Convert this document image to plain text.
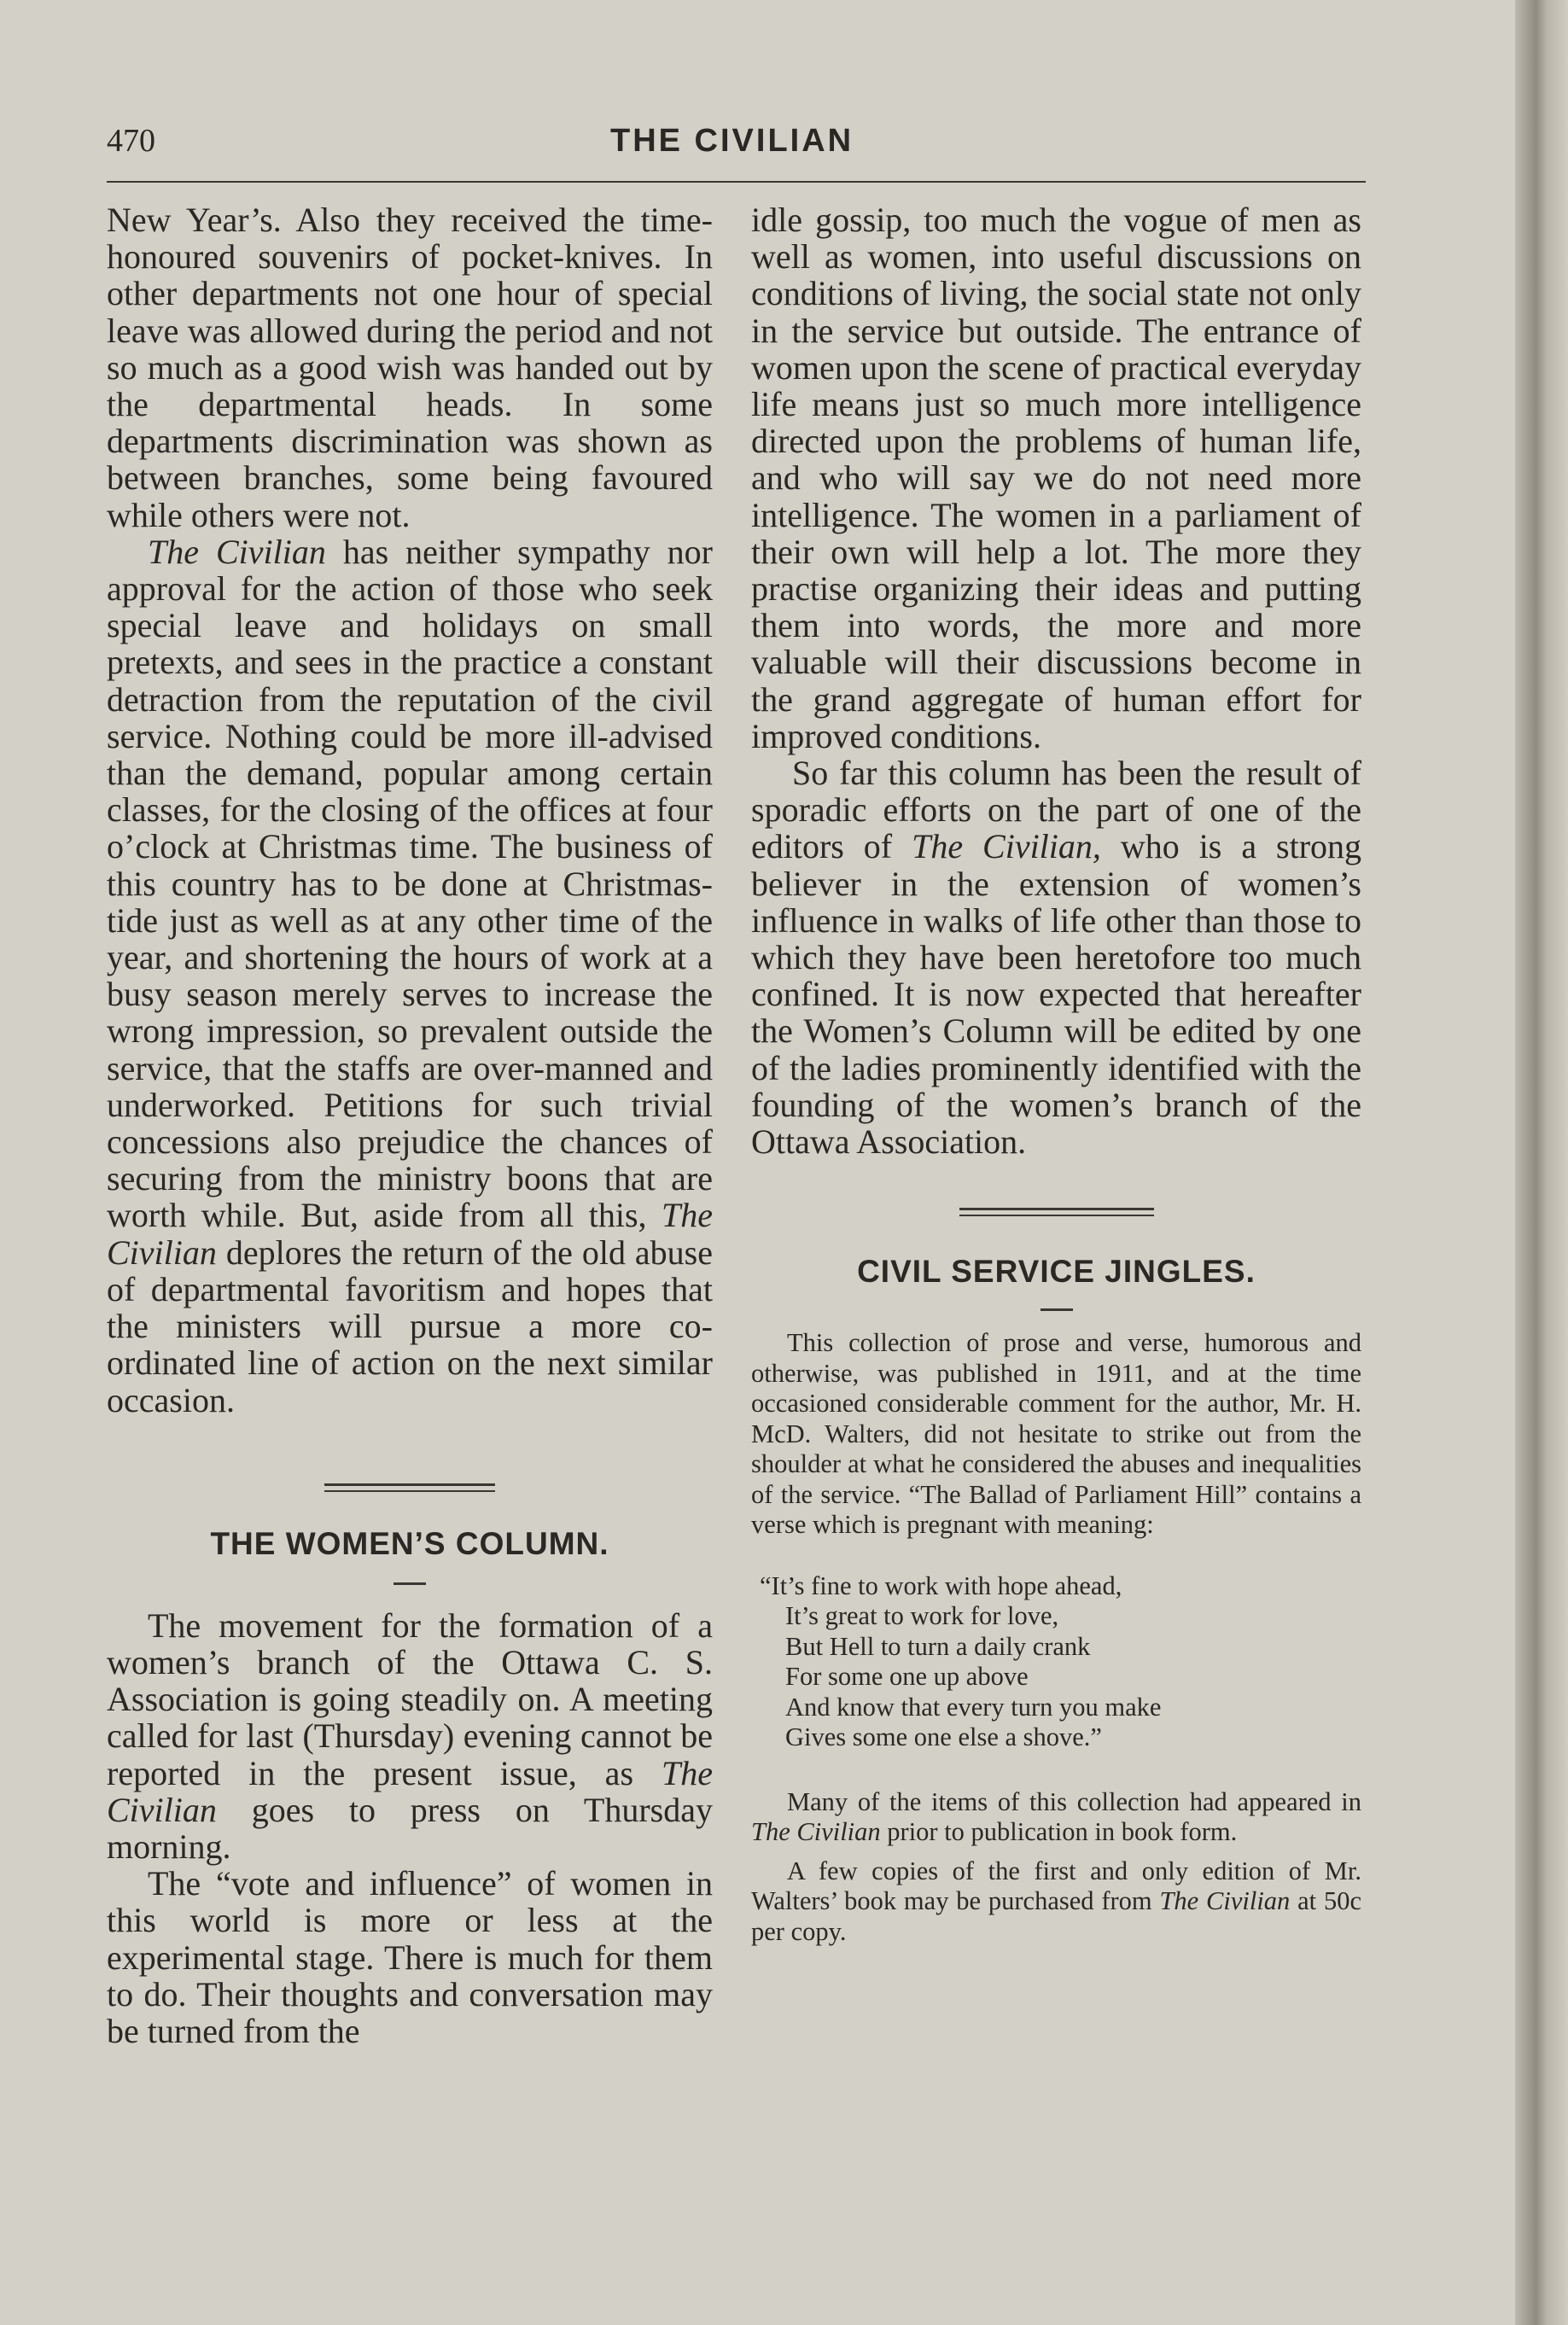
470	THE CIVILIAN

New Year’s. Also they received the time-honoured souvenirs of pocket-knives. In other departments not one hour of special leave was allowed during the period and not so much as a good wish was handed out by the departmental heads. In some departments discrimination was shown as between branches, some being favoured while others were not.

The Civilian has neither sympathy nor approval for the action of those who seek special leave and holidays on small pretexts, and sees in the practice a constant detraction from the reputation of the civil service. Nothing could be more ill-advised than the demand, popular among certain classes, for the closing of the offices at four o’clock at Christmas time. The business of this country has to be done at Christmas-tide just as well as at any other time of the year, and shortening the hours of work at a busy season merely serves to increase the wrong impression, so prevalent outside the service, that the staffs are over-manned and underworked. Petitions for such trivial concessions also prejudice the chances of securing from the ministry boons that are worth while. But, aside from all this, The Civilian deplores the return of the old abuse of departmental favoritism and hopes that the ministers will pursue a more co-ordinated line of action on the next similar occasion.

THE WOMEN’S COLUMN.

The movement for the formation of a women’s branch of the Ottawa C. S. Association is going steadily on. A meeting called for last (Thursday) evening cannot be reported in the present issue, as The Civilian goes to press on Thursday morning.

The “vote and influence” of women in this world is more or less at the experimental stage. There is much for them to do. Their thoughts and conversation may be turned from the

idle gossip, too much the vogue of men as well as women, into useful discussions on conditions of living, the social state not only in the service but outside. The entrance of women upon the scene of practical everyday life means just so much more intelligence directed upon the problems of human life, and who will say we do not need more intelligence. The women in a parliament of their own will help a lot. The more they practise organizing their ideas and putting them into words, the more and more valuable will their discussions become in the grand aggregate of human effort for improved conditions.

So far this column has been the result of sporadic efforts on the part of one of the editors of The Civilian, who is a strong believer in the extension of women’s influence in walks of life other than those to which they have been heretofore too much confined. It is now expected that hereafter the Women’s Column will be edited by one of the ladies prominently identified with the founding of the women’s branch of the Ottawa Association.

CIVIL SERVICE JINGLES.

This collection of prose and verse, humorous and otherwise, was published in 1911, and at the time occasioned considerable comment for the author, Mr. H. McD. Walters, did not hesitate to strike out from the shoulder at what he considered the abuses and inequalities of the service. “The Ballad of Parliament Hill” contains a verse which is pregnant with meaning:

“It’s fine to work with hope ahead,
It’s great to work for love,
But Hell to turn a daily crank
For some one up above
And know that every turn you make
Gives some one else a shove.”

Many of the items of this collection had appeared in The Civilian prior to publication in book form.

A few copies of the first and only edition of Mr. Walters’ book may be purchased from The Civilian at 50c per copy.
